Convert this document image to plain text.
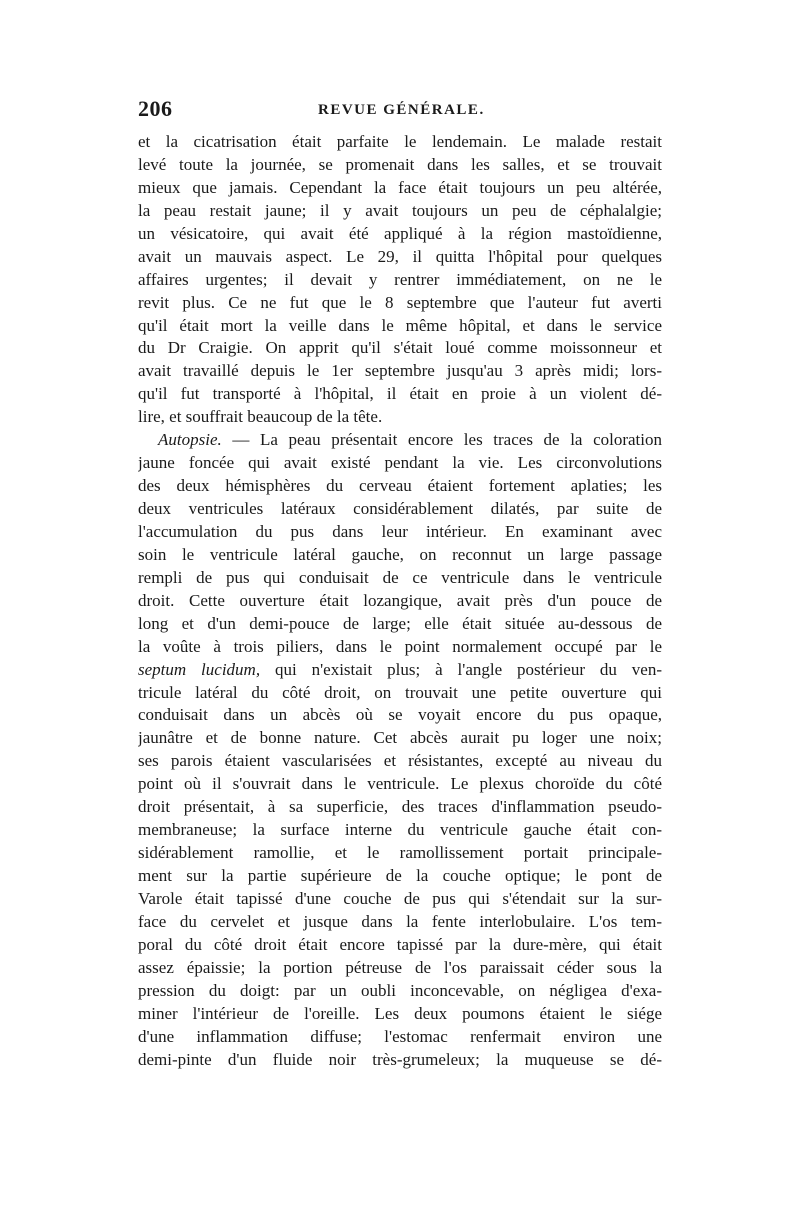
206	REVUE GÉNÉRALE.
et la cicatrisation était parfaite le lendemain. Le malade restait
levé toute la journée, se promenait dans les salles, et se trouvait
mieux que jamais. Cependant la face était toujours un peu altérée,
la peau restait jaune; il y avait toujours un peu de céphalalgie;
un vésicatoire, qui avait été appliqué à la région mastoïdienne,
avait un mauvais aspect. Le 29, il quitta l'hôpital pour quelques
affaires urgentes; il devait y rentrer immédiatement, on ne le
revit plus. Ce ne fut que le 8 septembre que l'auteur fut averti
qu'il était mort la veille dans le même hôpital, et dans le service
du Dr Craigie. On apprit qu'il s'était loué comme moissonneur et
avait travaillé depuis le 1er septembre jusqu'au 3 après midi; lors-
qu'il fut transporté à l'hôpital, il était en proie à un violent dé-
lire, et souffrait beaucoup de la tête.
Autopsie. — La peau présentait encore les traces de la coloration
jaune foncée qui avait existé pendant la vie. Les circonvolutions
des deux hémisphères du cerveau étaient fortement aplaties; les
deux ventricules latéraux considérablement dilatés, par suite de
l'accumulation du pus dans leur intérieur. En examinant avec
soin le ventricule latéral gauche, on reconnut un large passage
rempli de pus qui conduisait de ce ventricule dans le ventricule
droit. Cette ouverture était lozangique, avait près d'un pouce de
long et d'un demi-pouce de large; elle était située au-dessous de
la voûte à trois piliers, dans le point normalement occupé par le
septum lucidum, qui n'existait plus; à l'angle postérieur du ven-
tricule latéral du côté droit, on trouvait une petite ouverture qui
conduisait dans un abcès où se voyait encore du pus opaque,
jaunâtre et de bonne nature. Cet abcès aurait pu loger une noix;
ses parois étaient vascularisées et résistantes, excepté au niveau du
point où il s'ouvrait dans le ventricule. Le plexus choroïde du côté
droit présentait, à sa superficie, des traces d'inflammation pseudo-
membraneuse; la surface interne du ventricule gauche était con-
sidérablement ramollie, et le ramollissement portait principale-
ment sur la partie supérieure de la couche optique; le pont de
Varole était tapissé d'une couche de pus qui s'étendait sur la sur-
face du cervelet et jusque dans la fente interlobulaire. L'os tem-
poral du côté droit était encore tapissé par la dure-mère, qui était
assez épaissie; la portion pétreuse de l'os paraissait céder sous la
pression du doigt: par un oubli inconcevable, on négligea d'exa-
miner l'intérieur de l'oreille. Les deux poumons étaient le siége
d'une inflammation diffuse; l'estomac renfermait environ une
demi-pinte d'un fluide noir très-grumeleux; la muqueuse se dé-
